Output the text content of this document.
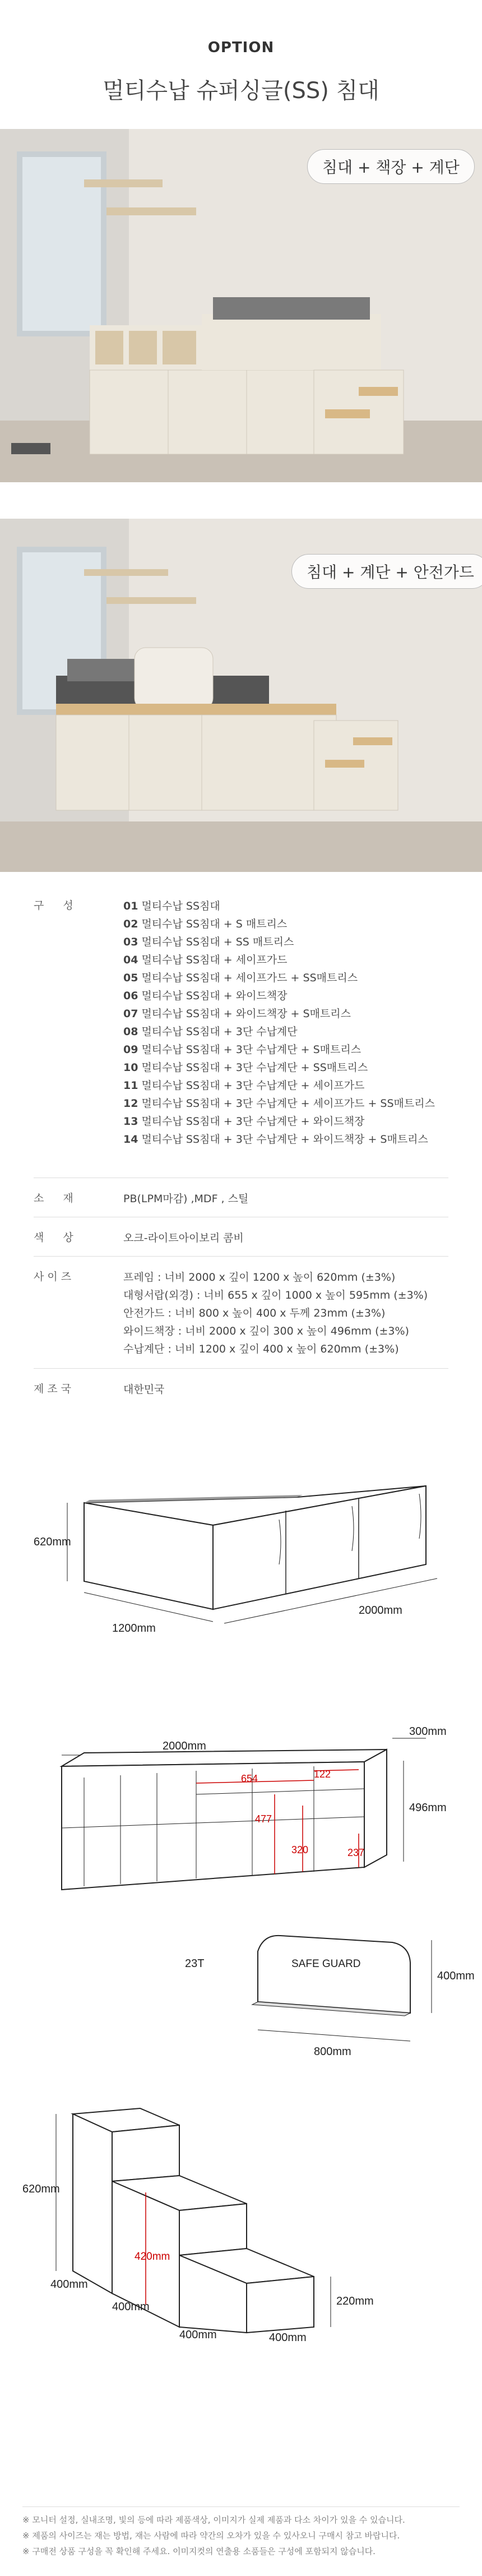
OPTION
멀티수납 슈퍼싱글(SS) 침대
침대 + 책장 + 계단
침대 + 계단 + 안전가드
구 성	01 멀티수납 SS침대
02 멀티수납 SS침대 + S 매트리스
03 멀티수납 SS침대 + SS 매트리스
04 멀티수납 SS침대 + 세이프가드
05 멀티수납 SS침대 + 세이프가드 + SS매트리스
06 멀티수납 SS침대 + 와이드책장
07 멀티수납 SS침대 + 와이드책장 + S매트리스
08 멀티수납 SS침대 + 3단 수납계단
09 멀티수납 SS침대 + 3단 수납계단 + S매트리스
10 멀티수납 SS침대 + 3단 수납계단 + SS매트리스
11 멀티수납 SS침대 + 3단 수납계단 + 세이프가드
12 멀티수납 SS침대 + 3단 수납계단 + 세이프가드 + SS매트리스
13 멀티수납 SS침대 + 3단 수납계단 + 와이드책장
14 멀티수납 SS침대 + 3단 수납계단 + 와이드책장 + S매트리스
소 재	PB(LPM마감) ,MDF , 스틸
색 상	오크-라이트아이보리 콤비
사이즈	프레임 : 너비 2000 x 깊이 1200 x 높이 620mm (±3%)
대형서랍(외경) : 너비 655 x 깊이 1000 x 높이 595mm (±3%)
안전가드 : 너비 800 x 높이 400 x 두께 23mm (±3%)
와이드책장 : 너비 2000 x 깊이 300 x 높이 496mm (±3%)
수납계단 : 너비 1200 x 깊이 400 x 높이 620mm (±3%)
제조국	대한민국
620mm
1200mm
2000mm
2000mm
300mm
496mm
654	122
477
320	237
23T	SAFE GUARD
400mm
800mm
620mm
420mm
400mm
400mm
400mm	400mm
220mm
※ 모니터 설정, 실내조명, 빛의 등에 따라 제품색상, 이미지가 실제 제품과 다소 차이가 있을 수 있습니다.
※ 제품의 사이즈는 재는 방법, 재는 사람에 따라 약간의 오차가 있을 수 있사오니 구매시 참고 바랍니다.
※ 구매전 상품 구성을 꼭 확인해 주세요. 이미지컷의 연출용 소품들은 구성에 포함되지 않습니다.
